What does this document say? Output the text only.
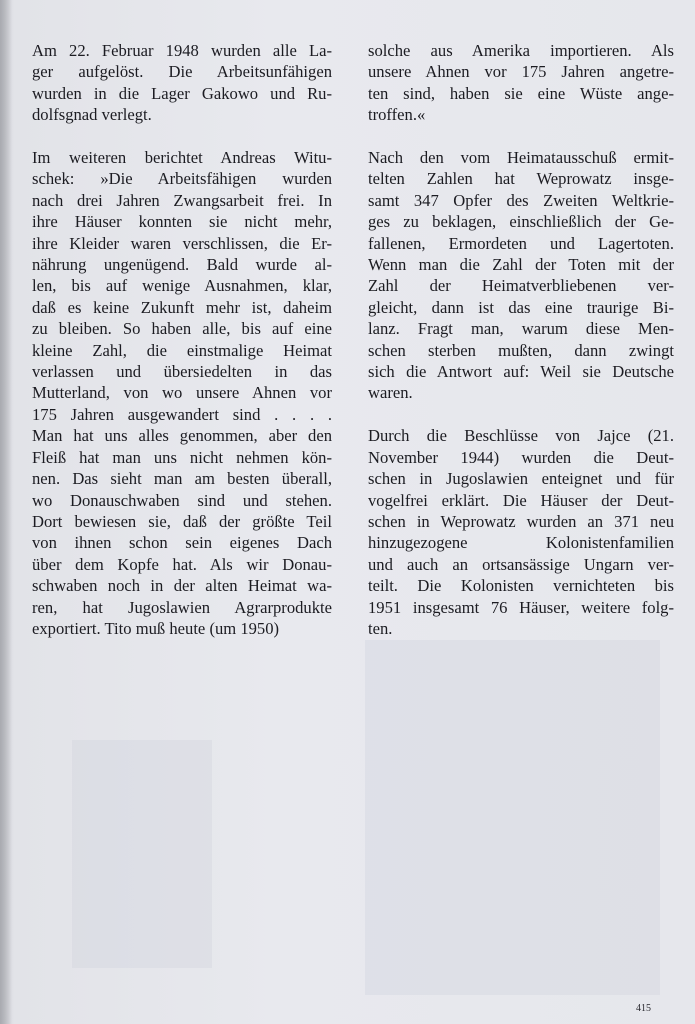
Am 22. Februar 1948 wurden alle La-
ger aufgelöst. Die Arbeitsunfähigen
wurden in die Lager Gakowo und Ru-
dolfsgnad verlegt.
Im weiteren berichtet Andreas Witu-
schek: »Die Arbeitsfähigen wurden
nach drei Jahren Zwangsarbeit frei. In
ihre Häuser konnten sie nicht mehr,
ihre Kleider waren verschlissen, die Er-
nährung ungenügend. Bald wurde al-
len, bis auf wenige Ausnahmen, klar,
daß es keine Zukunft mehr ist, daheim
zu bleiben. So haben alle, bis auf eine
kleine Zahl, die einstmalige Heimat
verlassen und übersiedelten in das
Mutterland, von wo unsere Ahnen vor
175 Jahren ausgewandert sind . . . .
Man hat uns alles genommen, aber den
Fleiß hat man uns nicht nehmen kön-
nen. Das sieht man am besten überall,
wo Donauschwaben sind und stehen.
Dort bewiesen sie, daß der größte Teil
von ihnen schon sein eigenes Dach
über dem Kopfe hat. Als wir Donau-
schwaben noch in der alten Heimat wa-
ren, hat Jugoslawien Agrarprodukte
exportiert. Tito muß heute (um 1950)
solche aus Amerika importieren. Als
unsere Ahnen vor 175 Jahren angetre-
ten sind, haben sie eine Wüste ange-
troffen.«
Nach den vom Heimatausschuß ermit-
telten Zahlen hat Weprowatz insge-
samt 347 Opfer des Zweiten Weltkrie-
ges zu beklagen, einschließlich der Ge-
fallenen, Ermordeten und Lagertoten.
Wenn man die Zahl der Toten mit der
Zahl der Heimatverbliebenen ver-
gleicht, dann ist das eine traurige Bi-
lanz. Fragt man, warum diese Men-
schen sterben mußten, dann zwingt
sich die Antwort auf: Weil sie Deutsche
waren.
Durch die Beschlüsse von Jajce (21.
November 1944) wurden die Deut-
schen in Jugoslawien enteignet und für
vogelfrei erklärt. Die Häuser der Deut-
schen in Weprowatz wurden an 371 neu
hinzugezogene Kolonistenfamilien
und auch an ortsansässige Ungarn ver-
teilt. Die Kolonisten vernichteten bis
1951 insgesamt 76 Häuser, weitere folg-
ten.
415
